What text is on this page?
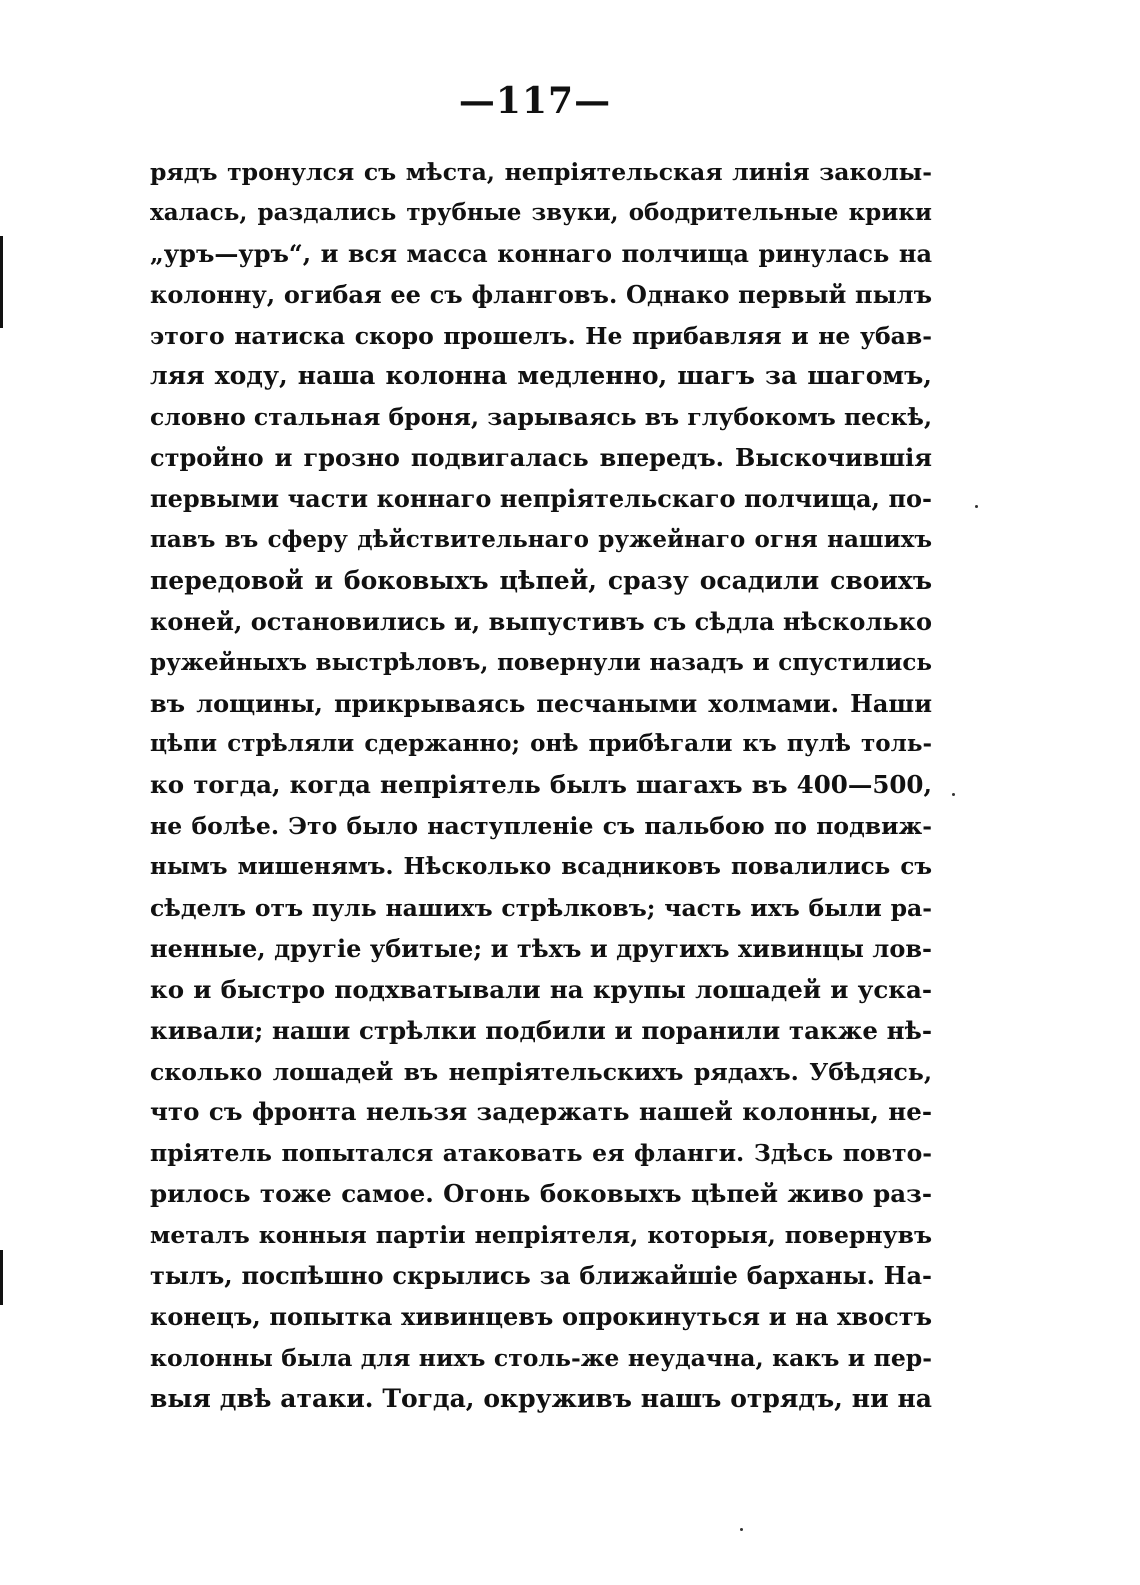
—117—
рядъ тронулся съ мѣста, непріятельская линія заколы-
халась, раздались трубные звуки, ободрительные крики
„уръ—уръ“, и вся масса коннаго полчища ринулась на
колонну, огибая ее съ фланговъ. Однако первый пылъ
этого натиска скоро прошелъ. Не прибавляя и не убав-
ляя ходу, наша колонна медленно, шагъ за шагомъ,
словно стальная броня, зарываясь въ глубокомъ пескѣ,
стройно и грозно подвигалась впередъ. Выскочившія
первыми части коннаго непріятельскаго полчища, по-
павъ въ сферу дѣйствительнаго ружейнаго огня нашихъ
передовой и боковыхъ цѣпей, сразу осадили своихъ
коней, остановились и, выпустивъ съ сѣдла нѣсколько
ружейныхъ выстрѣловъ, повернули назадъ и спустились
въ лощины, прикрываясь песчаными холмами. Наши
цѣпи стрѣляли сдержанно; онѣ прибѣгали къ пулѣ толь-
ко тогда, когда непріятель былъ шагахъ въ 400—500,
не болѣе. Это было наступленіе съ пальбою по подвиж-
нымъ мишенямъ. Нѣсколько всадниковъ повалились съ
сѣделъ отъ пуль нашихъ стрѣлковъ; часть ихъ были ра-
ненные, другіе убитые; и тѣхъ и другихъ хивинцы лов-
ко и быстро подхватывали на крупы лошадей и уска-
кивали; наши стрѣлки подбили и поранили также нѣ-
сколько лошадей въ непріятельскихъ рядахъ. Убѣдясь,
что съ фронта нельзя задержать нашей колонны, не-
пріятель попытался атаковать ея фланги. Здѣсь повто-
рилось тоже самое. Огонь боковыхъ цѣпей живо раз-
металъ конныя партіи непріятеля, которыя, повернувъ
тылъ, поспѣшно скрылись за ближайшіе барханы. На-
конецъ, попытка хивинцевъ опрокинуться и на хвостъ
колонны была для нихъ столь-же неудачна, какъ и пер-
выя двѣ атаки. Тогда, окруживъ нашъ отрядъ, ни на
